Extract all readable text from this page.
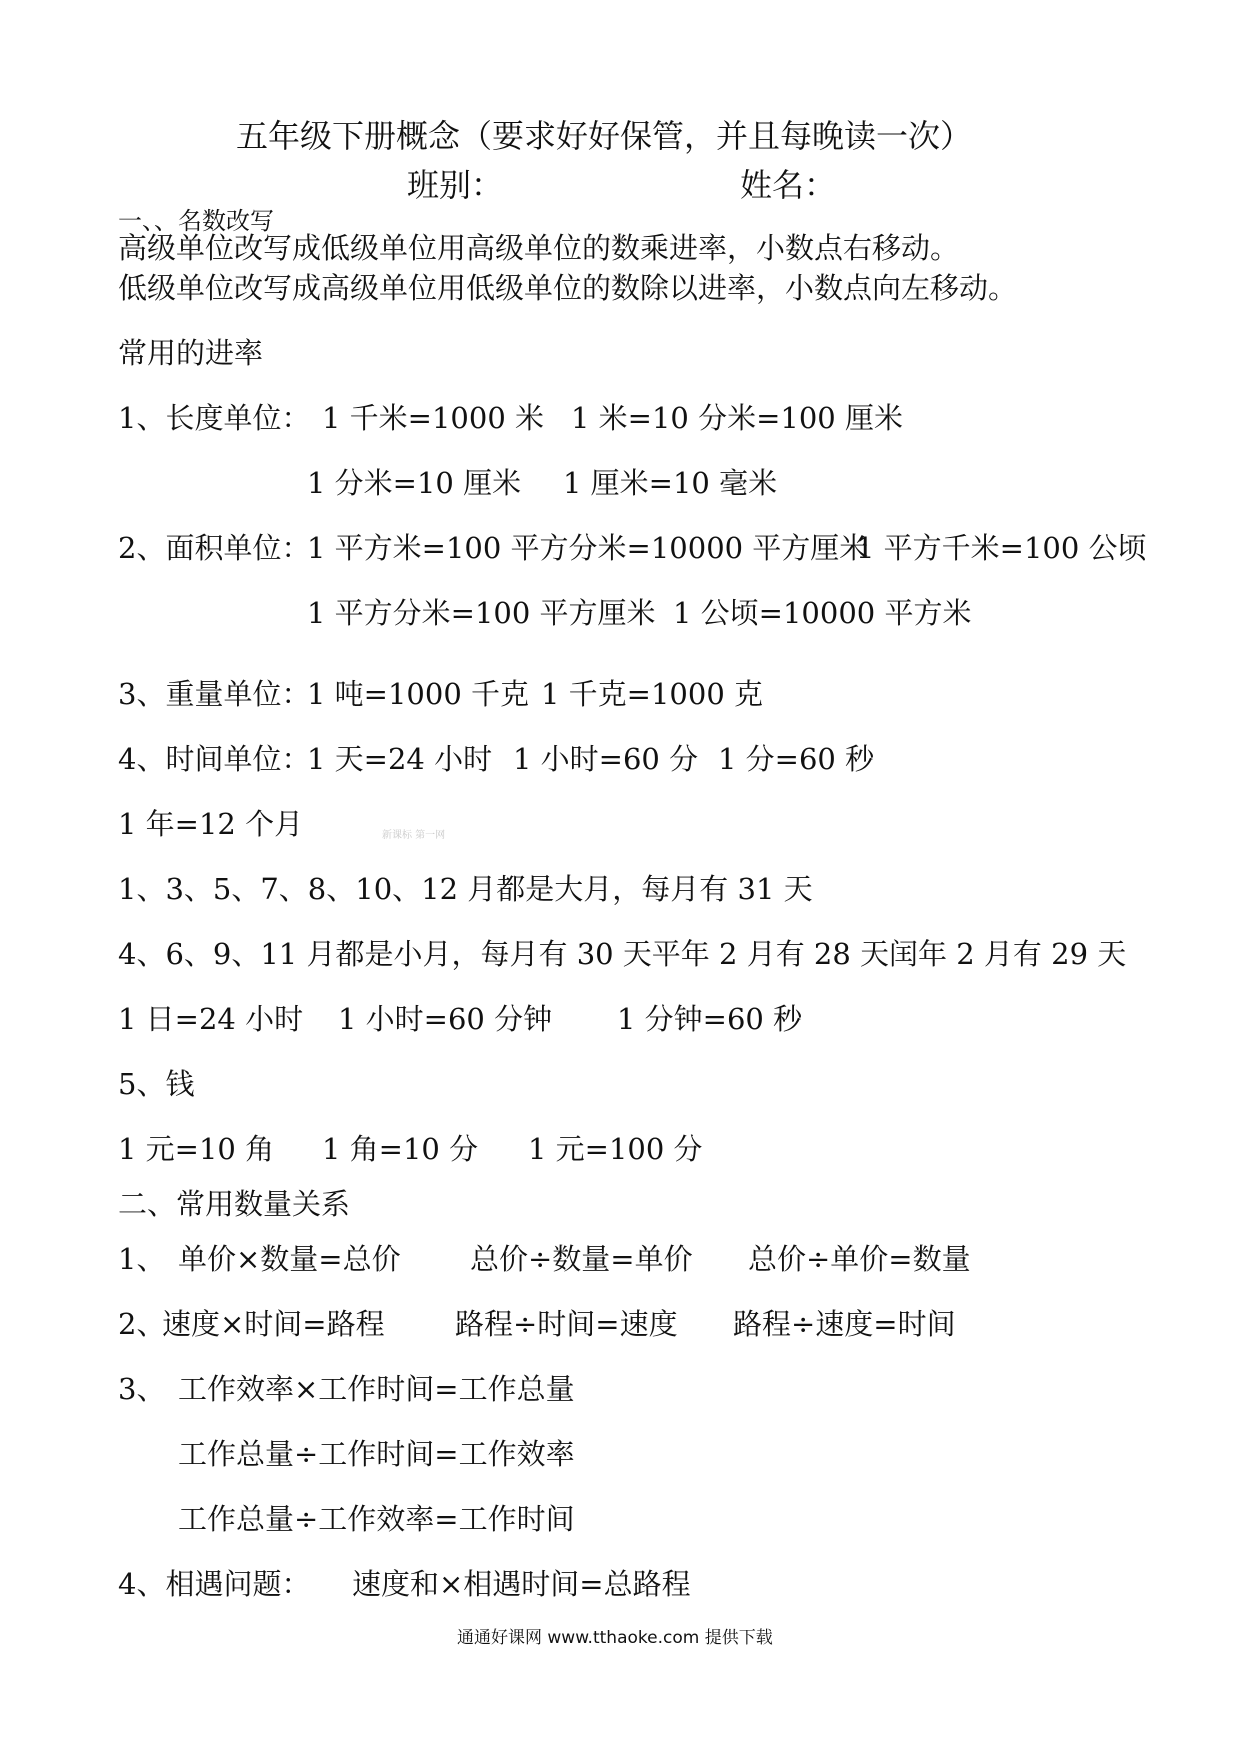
五年级下册概念（要求好好保管，并且每晚读一次）
班别：	姓名：
一、、名数改写
高级单位改写成低级单位用高级单位的数乘进率，小数点右移动。
低级单位改写成高级单位用低级单位的数除以进率，小数点向左移动。
常用的进率
1、长度单位： 1 千米=1000 米 1 米=10 分米=100 厘米
1 分米=10 厘米 1 厘米=10 毫米
2、面积单位：
1 平方米=100 平方分米=10000 平方厘米
1 平方千米=100 公顷
1 平方分米=100 平方厘米 1 公顷=10000 平方米
3、重量单位：
1 吨=1000 千克 1 千克=1000 克
4、时间单位：
1 天=24 小时 1 小时=60 分 1 分=60 秒
1 年=12 个月	新课标 第一网
1、3、5、7、8、10、12 月都是大月，每月有 31 天
4、6、9、11 月都是小月，每月有 30 天平年 2 月有 28 天闰年 2 月有 29 天
1 日=24 小时 1 小时=60 分钟 1 分钟=60 秒
5、钱
1 元=10 角 1 角=10 分 1 元=100 分
二、常用数量关系
1、 单价×数量=总价 总价÷数量=单价 总价÷单价=数量
2、
速度×时间=路程 路程÷时间=速度 路程÷速度=时间
3、 工作效率×工作时间=工作总量
工作总量÷工作时间=工作效率
工作总量÷工作效率=工作时间
4、相遇问题： 速度和×相遇时间=总路程
通通好课网 www.tthaoke.com 提供下载
